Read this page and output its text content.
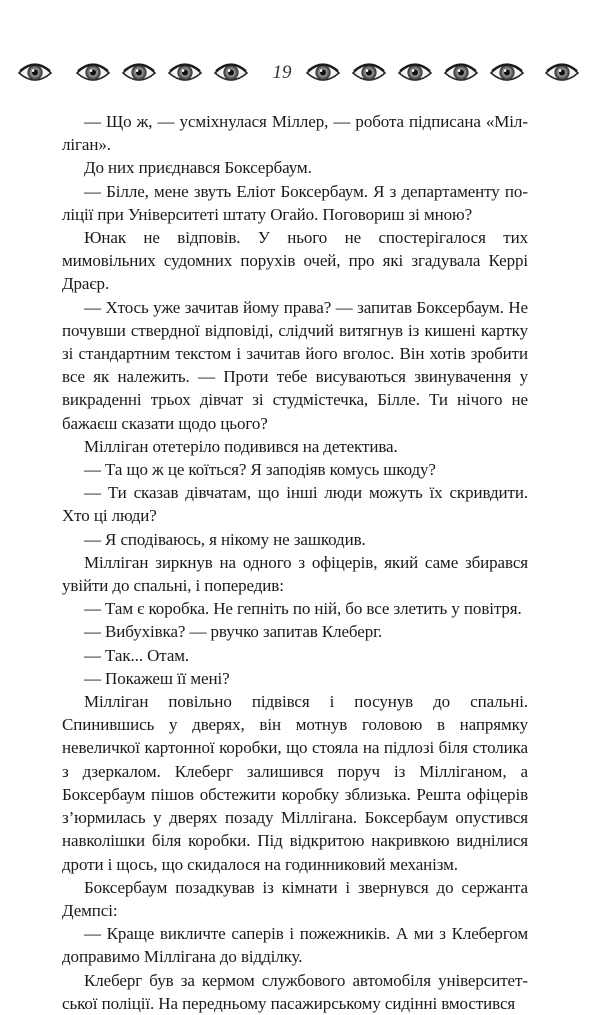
19

— Що ж, — усміхнулася Міллер, — робота підписана «Мілліган».

До них приєднався Боксербаум.

— Білле, мене звуть Еліот Боксербаум. Я з департаменту поліції при Університеті штату Огайо. Поговориш зі мною?

Юнак не відповів. У нього не спостерігалося тих мимовільних судомних порухів очей, про які згадувала Керрі Драєр.

— Хтось уже зачитав йому права? — запитав Боксербаум. Не почувши ствердної відповіді, слідчий витягнув із кишені картку зі стандартним текстом і зачитав його вголос. Він хотів зробити все як належить. — Проти тебе висуваються звинувачення у викраденні трьох дівчат зі студмістечка, Білле. Ти нічого не бажаєш сказати щодо цього?

Мілліган отетеріло подивився на детектива.

— Та що ж це коїться? Я заподіяв комусь шкоду?

— Ти сказав дівчатам, що інші люди можуть їх скривдити. Хто ці люди?

— Я сподіваюсь, я нікому не зашкодив.

Мілліган зиркнув на одного з офіцерів, який саме збирався увійти до спальні, і попередив:

— Там є коробка. Не гепніть по ній, бо все злетить у повітря.

— Вибухівка? — рвучко запитав Клеберг.

— Так... Отам.

— Покажеш її мені?

Мілліган повільно підвівся і посунув до спальні. Спинившись у дверях, він мотнув головою в напрямку невеличкої картонної коробки, що стояла на підлозі біля столика з дзеркалом. Клеберг залишився поруч із Мілліганом, а Боксербаум пішов обстежити коробку зблизька. Решта офіцерів з’юрмилась у дверях позаду Міллігана. Боксербаум опустився навколішки біля коробки. Під відкритою накривкою виднілися дроти і щось, що скидалося на годинниковий механізм.

Боксербаум позадкував із кімнати і звернувся до сержанта Демпсі:

— Краще викличте саперів і пожежників. А ми з Клебергом доправимо Міллігана до відділку.

Клеберг був за кермом службового автомобіля університетської поліції. На передньому пасажирському сидінні вмостився
